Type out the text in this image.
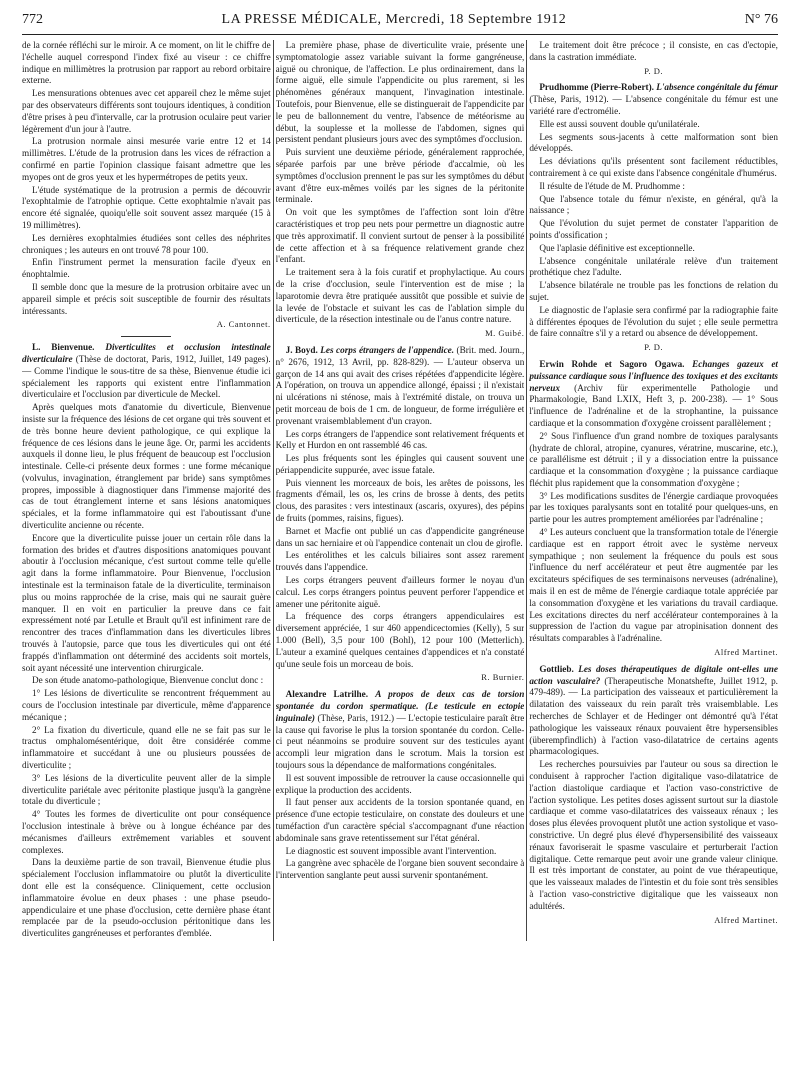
772	LA PRESSE MÉDICALE, Mercredi, 18 Septembre 1912	N° 76

de la cornée réfléchi sur le miroir. A ce moment, on lit le chiffre de l'échelle auquel correspond l'index fixé au viseur : ce chiffre indique en millimètres la protrusion par rapport au rebord orbitaire externe.

Les mensurations obtenues avec cet appareil chez le même sujet par des observateurs différents sont toujours identiques, à condition d'être prises à peu d'intervalle, car la protrusion oculaire peut varier légèrement d'un jour à l'autre.

La protrusion normale ainsi mesurée varie entre 12 et 14 millimètres. L'étude de la protrusion dans les vices de réfraction a confirmé en partie l'opinion classique faisant admettre que les myopes ont de gros yeux et les hypermétropes de petits yeux.

L'étude systématique de la protrusion a permis de découvrir l'exophtalmie de l'atrophie optique. Cette exophtalmie n'avait pas encore été signalée, quoiqu'elle soit souvent assez marquée (15 à 19 millimètres).

Les dernières exophtalmies étudiées sont celles des néphrites chroniques ; les auteurs en ont trouvé 78 pour 100.

Enfin l'instrument permet la mensuration facile d'yeux en énophtalmie.

Il semble donc que la mesure de la protrusion orbitaire avec un appareil simple et précis soit susceptible de fournir des résultats intéressants.

A. Cantonnet.

L. Bienvenue. Diverticulites et occlusion intestinale diverticulaire (Thèse de doctorat, Paris, 1912, Juillet, 149 pages). — Comme l'indique le sous-titre de sa thèse, Bienvenue étudie ici spécialement les rapports qui existent entre l'inflammation diverticulaire et l'occlusion par diverticule de Meckel.

Après quelques mots d'anatomie du diverticule, Bienvenue insiste sur la fréquence des lésions de cet organe qui très souvent et de très bonne heure devient pathologique, ce qui explique la fréquence de ces lésions dans le jeune âge. Or, parmi les accidents auxquels il donne lieu, le plus fréquent de beaucoup est l'occlusion intestinale. Celle-ci présente deux formes : une forme mécanique (volvulus, invagination, étranglement par bride) sans symptômes propres, impossible à diagnostiquer dans l'immense majorité des cas de tout étranglement interne et sans lésions anatomiques spéciales, et la forme inflammatoire qui est l'aboutissant d'une diverticulite ancienne ou récente.

Encore que la diverticulite puisse jouer un certain rôle dans la formation des brides et d'autres dispositions anatomiques pouvant aboutir à l'occlusion mécanique, c'est surtout comme telle qu'elle agit dans la forme inflammatoire. Pour Bienvenue, l'occlusion intestinale est la terminaison fatale de la diverticulite, terminaison plus ou moins rapprochée de la crise, mais qui ne saurait guère manquer. Il en voit en particulier la preuve dans ce fait expressément noté par Letulle et Brault qu'il est infiniment rare de rencontrer des traces d'inflammation dans les diverticules libres trouvés à l'autopsie, parce que tous les diverticules qui ont été frappés d'inflammation ont déterminé des accidents soit mortels, soit ayant nécessité une intervention chirurgicale.

De son étude anatomo-pathologique, Bienvenue conclut donc :

1° Les lésions de diverticulite se rencontrent fréquemment au cours de l'occlusion intestinale par diverticule, même d'apparence mécanique ;

2° La fixation du diverticule, quand elle ne se fait pas sur le tractus omphalomésentérique, doit être considérée comme inflammatoire et succédant à une ou plusieurs poussées de diverticulite ;

3° Les lésions de la diverticulite peuvent aller de la simple diverticulite pariétale avec péritonite plastique jusqu'à la gangrène totale du diverticule ;

4° Toutes les formes de diverticulite ont pour conséquence l'occlusion intestinale à brève ou à longue échéance par des mécanismes d'ailleurs extrêmement variables et souvent complexes.

Dans la deuxième partie de son travail, Bienvenue étudie plus spécialement l'occlusion inflammatoire ou plutôt la diverticulite dont elle est la conséquence. Cliniquement, cette occlusion inflammatoire évolue en deux phases : une phase pseudo-appendiculaire et une phase d'occlusion, cette dernière phase étant remplacée par de la pseudo-occlusion péritonitique dans les diverticulites gangréneuses et perforantes d'emblée.

La première phase, phase de diverticulite vraie, présente une symptomatologie assez variable suivant la forme gangréneuse, aiguë ou chronique, de l'affection. Le plus ordinairement, dans la forme aiguë, elle simule l'appendicite ou plus rarement, si les phénomènes généraux manquent, l'invagination intestinale. Toutefois, pour Bienvenue, elle se distinguerait de l'appendicite par le peu de ballonnement du ventre, l'absence de météorisme au début, la souplesse et la mollesse de l'abdomen, signes qui persistent pendant plusieurs jours avec des symptômes d'occlusion.

Puis survient une deuxième période, généralement rapprochée, séparée parfois par une brève période d'accalmie, où les symptômes d'occlusion prennent le pas sur les symptômes du début avant d'être eux-mêmes voilés par les signes de la péritonite terminale.

On voit que les symptômes de l'affection sont loin d'être caractéristiques et trop peu nets pour permettre un diagnostic autre que très approximatif. Il convient surtout de penser à la possibilité de cette affection et à sa fréquence relativement grande chez l'enfant.

Le traitement sera à la fois curatif et prophylactique. Au cours de la crise d'occlusion, seule l'intervention est de mise ; la laparotomie devra être pratiquée aussitôt que possible et suivie de la levée de l'obstacle et suivant les cas de l'ablation simple du diverticule, de la résection intestinale ou de l'anus contre nature.

M. Guibé.

J. Boyd. Les corps étrangers de l'appendice. (Brit. med. Journ., n° 2676, 1912, 13 Avril, pp. 828-829). — L'auteur observa un garçon de 14 ans qui avait des crises répétées d'appendicite légère. A l'opération, on trouva un appendice allongé, épaissi ; il n'existait ni ulcérations ni sténose, mais à l'extrémité distale, on trouva un petit morceau de bois de 1 cm. de longueur, de forme irrégulière et provenant vraisemblablement d'un crayon.

Les corps étrangers de l'appendice sont relativement fréquents et Kelly et Hurdon en ont rassemblé 46 cas.

Les plus fréquents sont les épingles qui causent souvent une périappendicite suppurée, avec issue fatale.

Puis viennent les morceaux de bois, les arêtes de poissons, les fragments d'émail, les os, les crins de brosse à dents, des petits clous, des parasites : vers intestinaux (ascaris, oxyures), des pépins de fruits (pommes, raisins, figues).

Barnet et Macfie ont publié un cas d'appendicite gangréneuse dans un sac herniaire et où l'appendice contenait un clou de girofle.

Les entérolithes et les calculs biliaires sont assez rarement trouvés dans l'appendice.

Les corps étrangers peuvent d'ailleurs former le noyau d'un calcul. Les corps étrangers pointus peuvent perforer l'appendice et amener une péritonite aiguë.

La fréquence des corps étrangers appendiculaires est diversement appréciée, 1 sur 460 appendicectomies (Kelly), 5 sur 1.000 (Bell), 3,5 pour 100 (Bohl), 12 pour 100 (Metterlich). L'auteur a examiné quelques centaines d'appendices et n'a constaté qu'une seule fois un morceau de bois.

R. Burnier.

Alexandre Latrilhe. A propos de deux cas de torsion spontanée du cordon spermatique. (Le testicule en ectopie inguinale) (Thèse, Paris, 1912.) — L'ectopie testiculaire paraît être la cause qui favorise le plus la torsion spontanée du cordon. Celle-ci peut néanmoins se produire souvent sur des testicules ayant accompli leur migration dans le scrotum. Mais la torsion est toujours sous la dépendance de malformations congénitales.

Il est souvent impossible de retrouver la cause occasionnelle qui explique la production des accidents.

Il faut penser aux accidents de la torsion spontanée quand, en présence d'une ectopie testiculaire, on constate des douleurs et une tuméfaction d'un caractère spécial s'accompagnant d'une réaction abdominale sans grave retentissement sur l'état général.

Le diagnostic est souvent impossible avant l'intervention.

La gangrène avec sphacèle de l'organe bien souvent secondaire à l'intervention sanglante peut aussi survenir spontanément.

Le traitement doit être précoce ; il consiste, en cas d'ectopie, dans la castration immédiate.

P. D.

Prudhomme (Pierre-Robert). L'absence congénitale du fémur (Thèse, Paris, 1912). — L'absence congénitale du fémur est une variété rare d'ectromélie.

Elle est aussi souvent double qu'unilatérale.

Les segments sous-jacents à cette malformation sont bien développés.

Les déviations qu'ils présentent sont facilement réductibles, contrairement à ce qui existe dans l'absence congénitale d'humérus.

Il résulte de l'étude de M. Prudhomme :

Que l'absence totale du fémur n'existe, en général, qu'à la naissance ;

Que l'évolution du sujet permet de constater l'apparition de points d'ossification ;

Que l'aplasie définitive est exceptionnelle.

L'absence congénitale unilatérale relève d'un traitement prothétique chez l'adulte.

L'absence bilatérale ne trouble pas les fonctions de relation du sujet.

Le diagnostic de l'aplasie sera confirmé par la radiographie faite à différentes époques de l'évolution du sujet ; elle seule permettra de faire connaître s'il y a retard ou absence de développement.

P. D.

Erwin Rohde et Sagoro Ogawa. Echanges gazeux et puissance cardiaque sous l'influence des toxiques et des excitants nerveux (Archiv für experimentelle Pathologie und Pharmakologie, Band LXIX, Heft 3, p. 200-238). — 1° Sous l'influence de l'adrénaline et de la strophantine, la puissance cardiaque et la consommation d'oxygène croissent parallèlement ;

2° Sous l'influence d'un grand nombre de toxiques paralysants (hydrate de chloral, atropine, cyanures, vératrine, muscarine, etc.), ce parallélisme est détruit ; il y a dissociation entre la puissance cardiaque et la consommation d'oxygène ; la puissance cardiaque fléchit plus rapidement que la consommation d'oxygène ;

3° Les modifications susdites de l'énergie cardiaque provoquées par les toxiques paralysants sont en totalité pour quelques-uns, en partie pour les autres promptement améliorées par l'adrénaline ;

4° Les auteurs concluent que la transformation totale de l'énergie cardiaque est en rapport étroit avec le système nerveux sympathique ; non seulement la fréquence du pouls est sous l'influence du nerf accélérateur et peut être augmentée par les excitateurs spécifiques de ses terminaisons nerveuses (adrénaline), mais il en est de même de l'énergie cardiaque totale appréciée par la consommation d'oxygène et les variations du travail cardiaque. Les excitations directes du nerf accélérateur contemporaines à la suppression de l'action du vague par atropinisation donnent des résultats comparables à l'adrénaline.

Alfred Martinet.

Gottlieb. Les doses thérapeutiques de digitale ont-elles une action vasculaire? (Therapeutische Monatshefte, Juillet 1912, p. 479-489). — La participation des vaisseaux et particulièrement la dilatation des vaisseaux du rein paraît très vraisemblable. Les recherches de Schlayer et de Hedinger ont démontré qu'à l'état pathologique les vaisseaux rénaux pouvaient être hypersensibles (überempfindlich) à l'action vaso-dilatatrice de certains agents pharmacologiques.

Les recherches poursuivies par l'auteur ou sous sa direction le conduisent à rapprocher l'action digitalique vaso-dilatatrice de l'action diastolique cardiaque et l'action vaso-constrictive de l'action systolique. Les petites doses agissent surtout sur la diastole cardiaque et comme vaso-dilatatrices des vaisseaux rénaux ; les doses plus élevées provoquent plutôt une action systolique et vaso-constrictive. Un degré plus élevé d'hypersensibilité des vaisseaux rénaux favoriserait le spasme vasculaire et perturberait l'action digitalique. Cette remarque peut avoir une grande valeur clinique. Il est très important de constater, au point de vue thérapeutique, que les vaisseaux malades de l'intestin et du foie sont très sensibles à l'action vaso-constrictive digitalique que les vaisseaux non adultérés.

Alfred Martinet.
